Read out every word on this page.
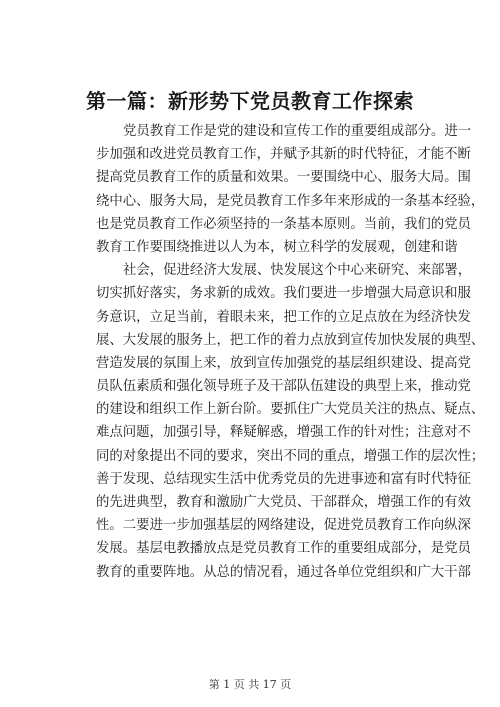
第一篇：新形势下党员教育工作探索
党员教育工作是党的建设和宣传工作的重要组成部分。进一
步加强和改进党员教育工作，并赋予其新的时代特征，才能不断
提高党员教育工作的质量和效果。一要围绕中心、服务大局。围
绕中心、服务大局，是党员教育工作多年来形成的一条基本经验，
也是党员教育工作必须坚持的一条基本原则。当前，我们的党员
教育工作要围绕推进以人为本，树立科学的发展观，创建和谐
社会，促进经济大发展、快发展这个中心来研究、来部署，
切实抓好落实，务求新的成效。我们要进一步增强大局意识和服
务意识，立足当前，着眼未来，把工作的立足点放在为经济快发
展、大发展的服务上，把工作的着力点放到宣传加快发展的典型、
营造发展的氛围上来，放到宣传加强党的基层组织建设、提高党
员队伍素质和强化领导班子及干部队伍建设的典型上来，推动党
的建设和组织工作上新台阶。要抓住广大党员关注的热点、疑点、
难点问题，加强引导，释疑解惑，增强工作的针对性；注意对不
同的对象提出不同的要求，突出不同的重点，增强工作的层次性；
善于发现、总结现实生活中优秀党员的先进事迹和富有时代特征
的先进典型，教育和激励广大党员、干部群众，增强工作的有效
性。二要进一步加强基层的网络建设，促进党员教育工作向纵深
发展。基层电教播放点是党员教育工作的重要组成部分，是党员
教育的重要阵地。从总的情况看，通过各单位党组织和广大干部
第 1 页 共 17 页
